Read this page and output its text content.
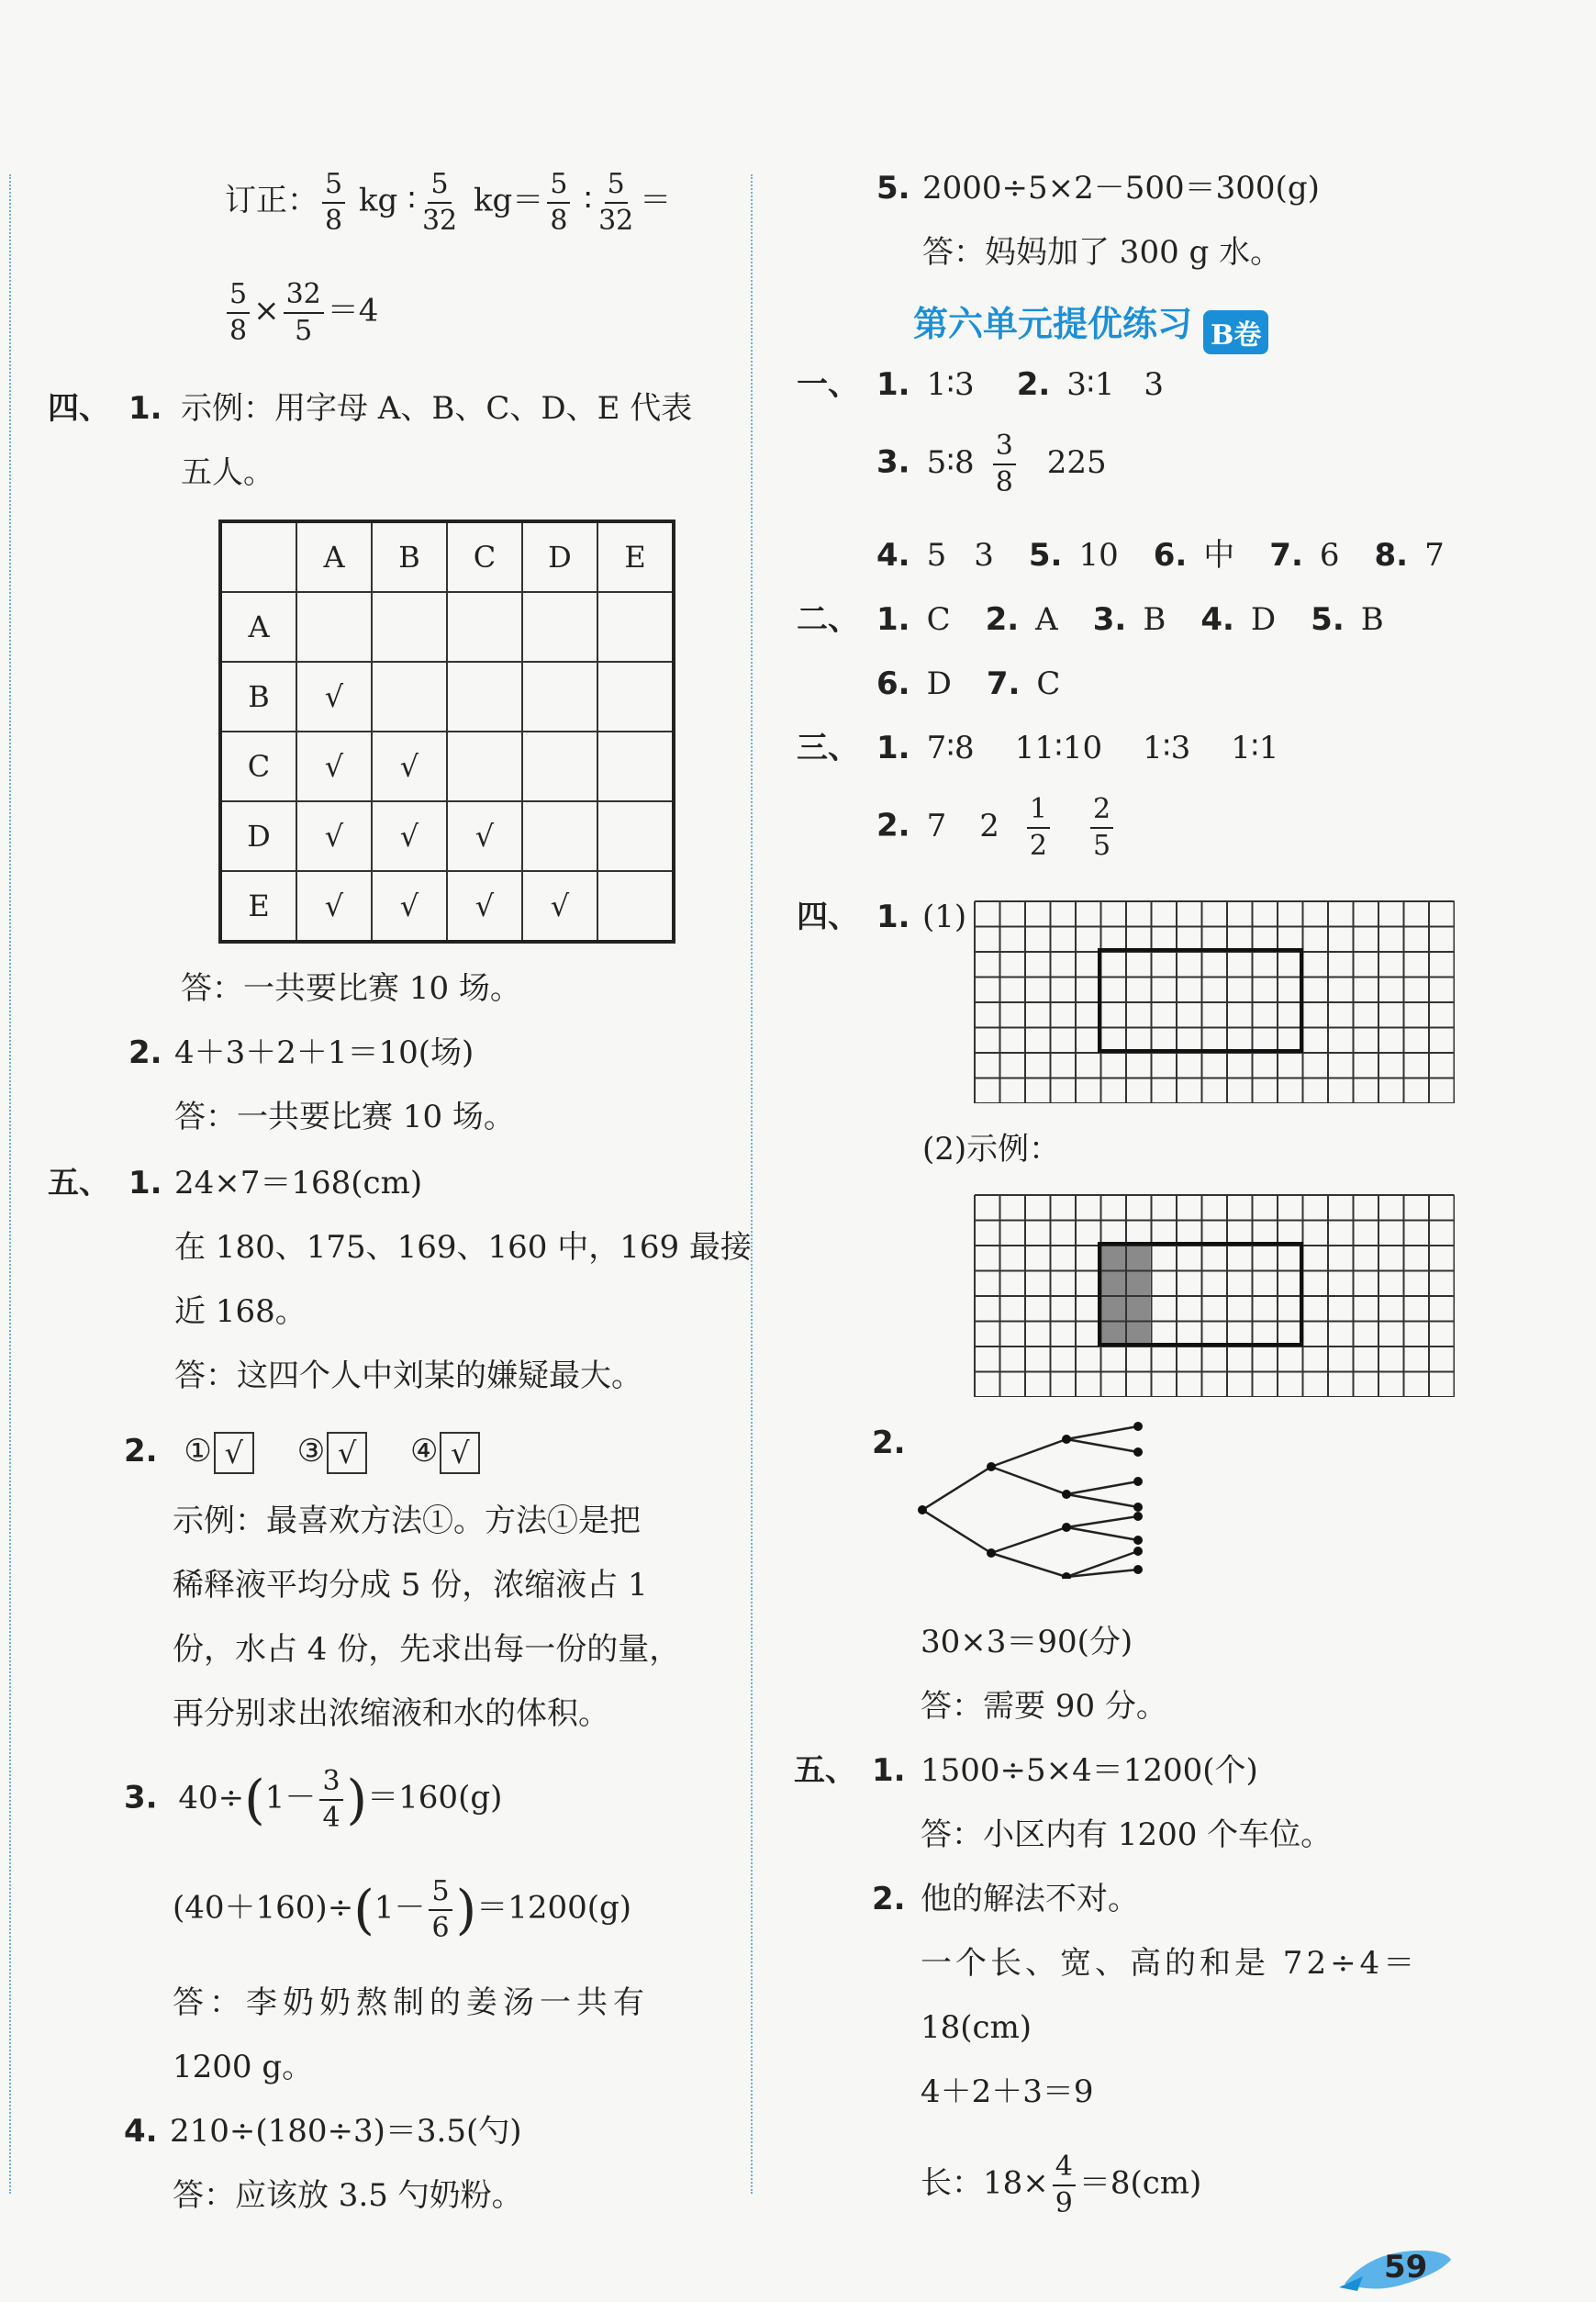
订正： $\frac{5}{8}$ kg ∶ $\frac{5}{32} kg= \frac{5}{8}$ ∶ $\frac{5}{32}$ ＝
$\frac{5}{8} \times \frac{32}{5} =4$
四、 1. 示例：用字母 A、B、C、D、E 代表
五人。
	A	B	C	D	E
A					
B	√				
C	√	√			
D	√	√	√		
E	√	√	√	√	
答：一共要比赛 10 场。
2. 4＋3＋2＋1＝10(场)
答：一共要比赛 10 场。
五、 1. 24×7＝168(cm)
在 180、175、169、160 中，169 最接
近 168。
答：这四个人中刘某的嫌疑最大。
2. ① √ ③ √ ④ √
示例：最喜欢方法①。方法①是把
稀释液平均分成 5 份，浓缩液占 1
份，水占 4 份，先求出每一份的量，
再分别求出浓缩液和水的体积。
3. $40\div(1- \frac{3}{4} )=160(g)$
$(40+160)\div(1- \frac{5}{6} )=1200(g)$
答：李奶奶熬制的姜汤一共有
1200 g。
4. 210÷(180÷3)＝3.5(勺)
答：应该放 3.5 勺奶粉。
5. 2000÷5×2－500＝300(g)
答：妈妈加了 300 g 水。
第六单元提优练习 B卷
一、 1. 1∶3 2. 3∶1 3
3. 5∶8 $\frac{3}{8} 225$
4. 5 3 5. 10 6. 中 7. 6 8. 7
二、 1. C 2. A 3. B 4. D 5. B
6. D 7. C
三、 1. 7∶8 11∶10 1∶3 1∶1
2. 7 $2 \frac{1}{2} \frac{2}{5}$
四、 1. (1)
(2)示例：
2.
30×3＝90(分)
答：需要 90 分。
五、 1. 1500÷5×4＝1200(个)
答：小区内有 1200 个车位。
2. 他的解法不对。
一个长、宽、高的和是 72÷4＝
18(cm)
4＋2＋3＝9
长：$18\times \frac{4}{9} =8(cm)$
59
